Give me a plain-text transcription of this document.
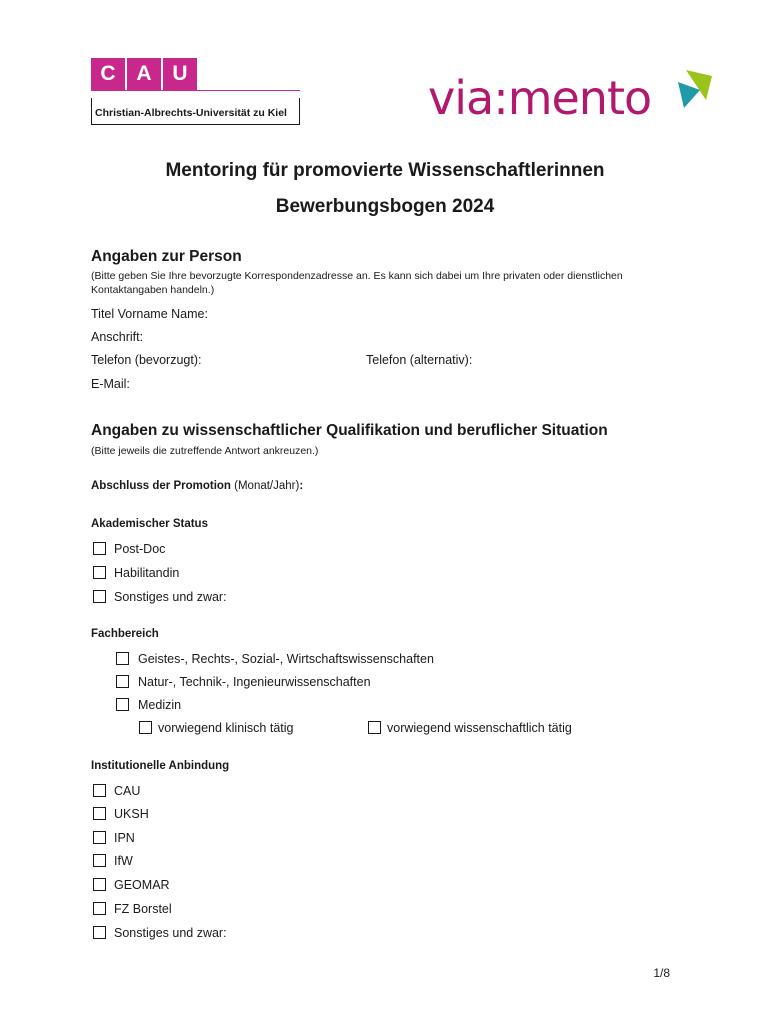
C A U
Christian-Albrechts-Universität zu Kiel	via:mento
Mentoring für promovierte Wissenschaftlerinnen
Bewerbungsbogen 2024
Angaben zur Person
(Bitte geben Sie Ihre bevorzugte Korrespondenzadresse an. Es kann sich dabei um Ihre privaten oder dienstlichen Kontaktangaben handeln.)
Titel Vorname Name:
Anschrift:
Telefon (bevorzugt):	Telefon (alternativ):
E-Mail:
Angaben zu wissenschaftlicher Qualifikation und beruflicher Situation
(Bitte jeweils die zutreffende Antwort ankreuzen.)
Abschluss der Promotion (Monat/Jahr):
Akademischer Status
Post-Doc
Habilitandin
Sonstiges und zwar:
Fachbereich
Geistes-, Rechts-, Sozial-, Wirtschaftswissenschaften
Natur-, Technik-, Ingenieurwissenschaften
Medizin
vorwiegend klinisch tätig	vorwiegend wissenschaftlich tätig
Institutionelle Anbindung
CAU
UKSH
IPN
IfW
GEOMAR
FZ Borstel
Sonstiges und zwar:
1/8
